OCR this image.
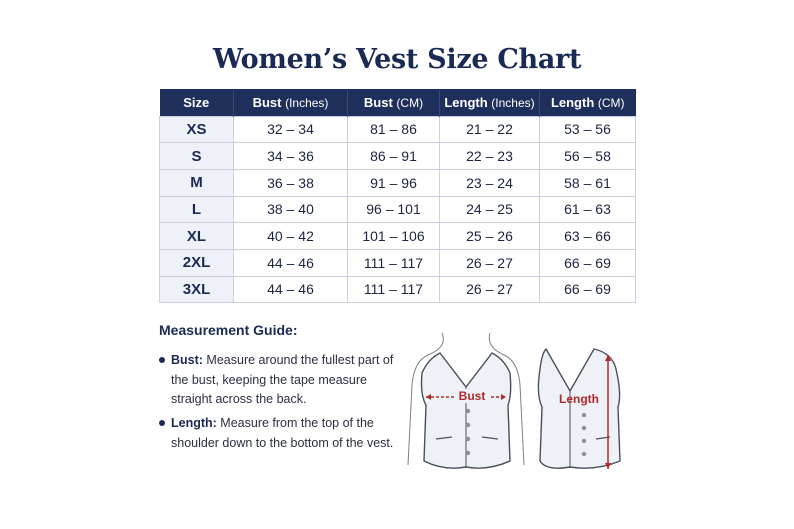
Women’s Vest Size Chart
Size	Bust (Inches)	Bust (CM)	Length (Inches)	Length (CM)
XS	32 – 34	81 – 86	21 – 22	53 – 56
S	34 – 36	86 – 91	22 – 23	56 – 58
M	36 – 38	91 – 96	23 – 24	58 – 61
L	38 – 40	96 – 101	24 – 25	61 – 63
XL	40 – 42	101 – 106	25 – 26	63 – 66
2XL	44 – 46	111 – 117	26 – 27	66 – 69
3XL	44 – 46	111 – 117	26 – 27	66 – 69
Measurement Guide:
Bust: Measure around the fullest part of the bust, keeping the tape measure straight across the back.
Length: Measure from the top of the shoulder down to the bottom of the vest.
Bust	Length
